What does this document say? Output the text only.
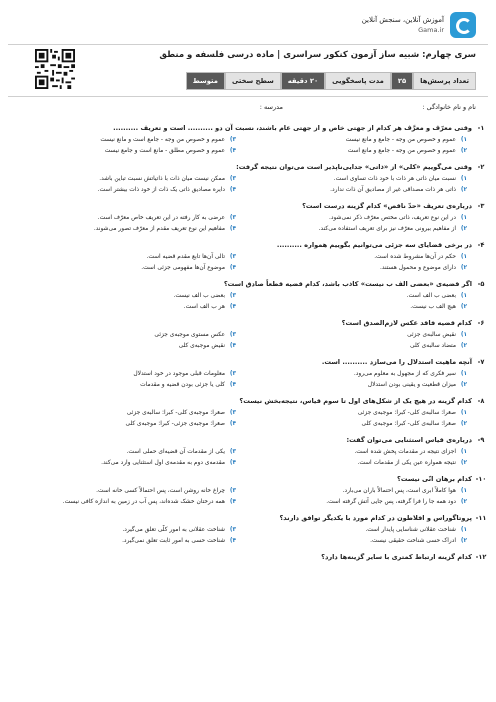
آموزش آنلاین، سنجش آنلاین
Gama.ir
سری چهارم: شبیه ساز آزمون کنکور سراسری | ماده درسی فلسفه و منطق
تعداد پرسش‌ها
۲۵
مدت پاسخگویی
۲۰ دقیقه
سطح سختی
متوسط
نام و نام خانوادگی :
مدرسه :
۱-
وقتی معرّف و معرَّف هر کدام از جهتی خاص و از جهتی عام باشند، نسبت آن دو .......... است و تعریف ..........
۱)
عموم و خصوص من وجه - جامع و مانع نیست
۳)
عموم و خصوص من وجه - جامع است و مانع نیست
۲)
عموم و خصوص من وجه - جامع و مانع است
۴)
عموم و خصوص مطلق - مانع است و جامع نیست
۲-
وقتی می‌گوییم «کلی» از «ذاتی» جدایی‌ناپذیر است می‌توان نتیجه گرفت:
۱)
نسبت میان ذاتی هر ذات با خود ذات تساوی است.
۳)
ممکن نیست میان ذات با ذاتیاتش نسبت تباین باشد.
۲)
ذاتی هر ذات مصداقی غیر از مصادیق آن ذات ندارد.
۴)
دایره مصادیق ذاتی یک ذات از خود ذات بیشتر است.
۳-
درباره‌ی تعریف «حدّ ناقص» کدام گزینه درست است؟
۱)
در این نوع تعریف، ذاتی مختص معرّف ذکر نمی‌شود.
۳)
عرضی به کار رفته در این تعریف خاص معرّف است.
۲)
از مفاهیم بیرونی معرّف نیز برای تعریف استفاده می‌کند.
۴)
مفاهیم این نوع تعریف مقدم از معرّف تصور می‌شوند.
۴-
در برخی قضایای سه جزئی می‌توانیم بگوییم همواره ..........
۱)
حکم در آن‌ها مشروط شده است.
۳)
تالی آن‌ها تابع مقدم قضیه است.
۲)
دارای موضوع و محمول هستند.
۴)
موضوع آن‌ها مفهومی جزئی است.
۵-
اگر قضیه‌ی «بعضی الف ب نیست» کاذب باشد، کدام قضیه قطعاً صادق است؟
۱)
بعضی ب الف است.
۳)
بعضی ب الف نیست.
۲)
هیچ الف ب نیست.
۴)
هر ب الف است.
۶-
کدام قضیه فاقد عکس لازم‌الصدق است؟
۱)
نقیض سالبه‌ی جزئی
۳)
عکس مستوی موجبه‌ی جزئی
۲)
متضاد سالبه‌ی کلی
۴)
نقیض موجبه‌ی کلی
۷-
آنچه ماهیت استدلال را می‌سازد .......... است.
۱)
سیر فکری که از مجهول به معلوم می‌رود.
۳)
معلومات قبلی موجود در خود استدلال
۲)
میزان قطعیت و یقینی بودن استدلال
۴)
کلی یا جزئی بودن قضیه و مقدمات
۸-
کدام گزینه در هیچ یک از شکل‌های اول تا سوم قیاس، نتیجه‌بخش نیست؟
۱)
صغرا: سالبه‌ی کلی- کبرا: موجبه‌ی جزئی
۳)
صغرا: موجبه‌ی کلی- کبرا: سالبه‌ی جزئی
۲)
صغرا: سالبه‌ی کلی- کبرا: موجبه‌ی کلی
۴)
صغرا: موجبه‌ی جزئی- کبرا: موجبه‌ی کلی
۹-
درباره‌ی قیاس استثنایی می‌توان گفت:
۱)
اجزای نتیجه در مقدمات پخش شده است.
۳)
یکی از مقدمات آن قضیه‌ای حملی است.
۲)
نتیجه همواره عین یکی از مقدمات است.
۴)
مقدمه‌ی دوم به مقدمه‌ی اول استثنایی وارد می‌کند.
۱۰-
کدام برهان انّی نیست؟
۱)
هوا کاملاً ابری است، پس احتمالاً باران می‌بارد.
۳)
چراغ خانه روشن است، پس احتمالاً کسی خانه است.
۲)
دود همه جا را فرا گرفته، پس جایی آتش گرفته است.
۴)
همه درختان خشک شده‌اند، پس آب در زمین به اندازه کافی نیست.
۱۱-
پروتاگوراس و افلاطون در کدام مورد با یکدیگر توافق دارند؟
۱)
شناخت عقلانی شناسایی پایدار است.
۳)
شناخت عقلانی به امور کلّی تعلق می‌گیرد.
۲)
ادراک حسی شناخت حقیقی نیست.
۴)
شناخت حسی به امور ثابت تعلق نمی‌گیرد.
۱۲-
کدام گزینه ارتباط کمتری با سایر گزینه‌ها دارد؟
